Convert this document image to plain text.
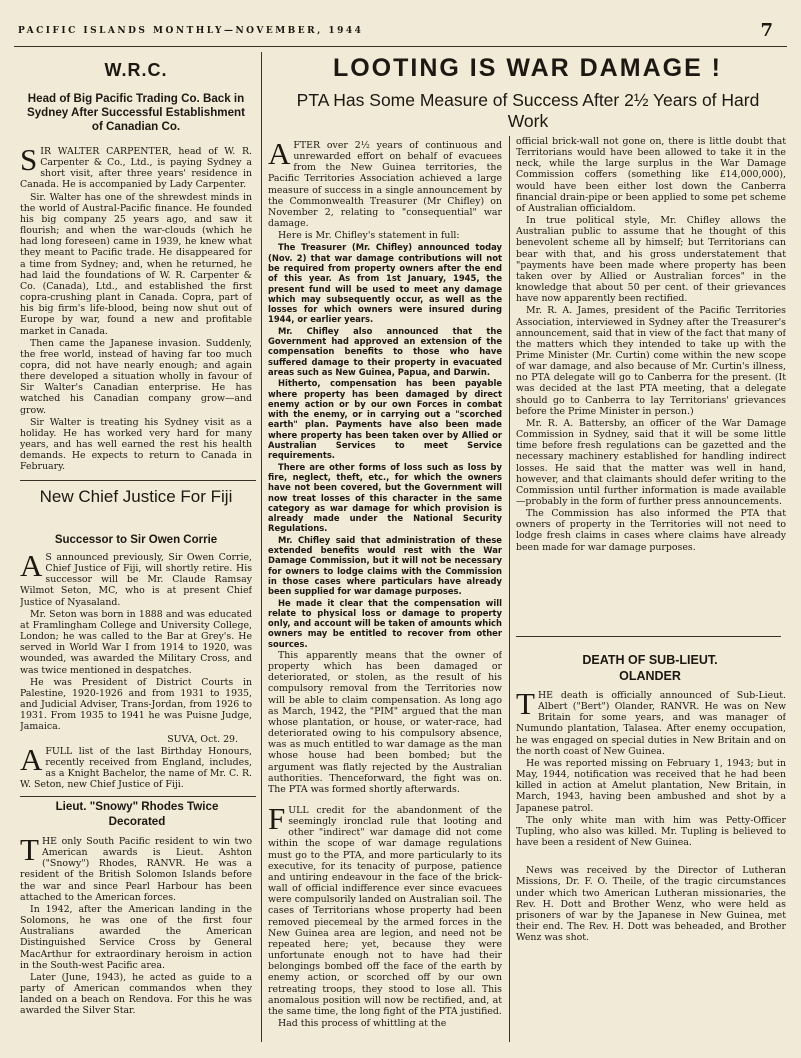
PACIFIC ISLANDS MONTHLY—NOVEMBER, 1944	7
W.R.C.
Head of Big Pacific Trading Co. Back in Sydney After Successful Establishment of Canadian Co.
S IR WALTER CARPENTER, head of W. R. Carpenter & Co., Ltd., is paying Sydney a short visit, after three years' residence in Canada. He is accompanied by Lady Carpenter.

Sir. Walter has one of the shrewdest minds in the world of Austral-Pacific finance. He founded his big company 25 years ago, and saw it flourish; and when the war-clouds (which he had long foreseen) came in 1939, he knew what they meant to Pacific trade. He disappeared for a time from Sydney; and, when he returned, he had laid the foundations of W. R. Carpenter & Co. (Canada), Ltd., and established the first copra-crushing plant in Canada. Copra, part of his big firm's life-blood, being now shut out of Europe by war, found a new and profitable market in Canada.

Then came the Japanese invasion. Suddenly, the free world, instead of having far too much copra, did not have nearly enough; and again there developed a situation wholly in favour of Sir Walter's Canadian enterprise. He has watched his Canadian company grow—and grow.

Sir Walter is treating his Sydney visit as a holiday. He has worked very hard for many years, and has well earned the rest his health demands. He expects to return to Canada in February.

New Chief Justice For Fiji
Successor to Sir Owen Corrie
A S announced previously, Sir Owen Corrie, Chief Justice of Fiji, will shortly retire. His successor will be Mr. Claude Ramsay Wilmot Seton, MC, who is at present Chief Justice of Nyasaland.

Mr. Seton was born in 1888 and was educated at Framlingham College and University College, London; he was called to the Bar at Grey's. He served in World War I from 1914 to 1920, was wounded, was awarded the Military Cross, and was twice mentioned in despatches.

He was President of District Courts in Palestine, 1920-1926 and from 1931 to 1935, and Judicial Adviser, Trans-Jordan, from 1926 to 1931. From 1935 to 1941 he was Puisne Judge, Jamaica.

SUVA, Oct. 29.

A FULL list of the last Birthday Honours, recently received from England, includes, as a Knight Bachelor, the name of Mr. C. R. W. Seton, new Chief Justice of Fiji.

Lieut. "Snowy" Rhodes Twice Decorated
T HE only South Pacific resident to win two American awards is Lieut. Ashton ("Snowy") Rhodes, RANVR. He was a resident of the British Solomon Islands before the war and since Pearl Harbour has been attached to the American forces.

In 1942, after the American landing in the Solomons, he was one of the first four Australians awarded the American Distinguished Service Cross by General MacArthur for extraordinary heroism in action in the South-west Pacific area.

Later (June, 1943), he acted as guide to a party of American commandos when they landed on a beach on Rendova. For this he was awarded the Silver Star.

LOOTING IS WAR DAMAGE !
PTA Has Some Measure of Success After 2½ Years of Hard Work
A FTER over 2½ years of continuous and unrewarded effort on behalf of evacuees from the New Guinea territories, the Pacific Territories Association achieved a large measure of success in a single announcement by the Commonwealth Treasurer (Mr Chifley) on November 2, relating to "consequential" war damage.

Here is Mr. Chifley's statement in full:

The Treasurer (Mr. Chifley) announced today (Nov. 2) that war damage contributions will not be required from property owners after the end of this year. As from 1st January, 1945, the present fund will be used to meet any damage which may subsequently occur, as well as the losses for which owners were insured during 1944, or earlier years.

Mr. Chifley also announced that the Government had approved an extension of the compensation benefits to those who have suffered damage to their property in evacuated areas such as New Guinea, Papua, and Darwin.

Hitherto, compensation has been payable where property has been damaged by direct enemy action or by our own Forces in combat with the enemy, or in carrying out a "scorched earth" plan. Payments have also been made where property has been taken over by Allied or Australian Services to meet Service requirements.

There are other forms of loss such as loss by fire, neglect, theft, etc., for which the owners have not been covered, but the Government will now treat losses of this character in the same category as war damage for which provision is already made under the National Security Regulations.

Mr. Chifley said that administration of these extended benefits would rest with the War Damage Commission, but it will not be necessary for owners to lodge claims with the Commission in those cases where particulars have already been supplied for war damage purposes.

He made it clear that the compensation will relate to physical loss or damage to property only, and account will be taken of amounts which owners may be entitled to recover from other sources.

This apparently means that the owner of property which has been damaged or deteriorated, or stolen, as the result of his compulsory removal from the Territories now will be able to claim compensation. As long ago as March, 1942, the "PIM" argued that the man whose plantation, or house, or water-race, had deteriorated owing to his compulsory absence, was as much entitled to war damage as the man whose house had been bombed; but the argument was flatly rejected by the Australian authorities. Thenceforward, the fight was on. The PTA was formed shortly afterwards.

F ULL credit for the abandonment of the seemingly ironclad rule that looting and other "indirect" war damage did not come within the scope of war damage regulations must go to the PTA, and more particularly to its executive, for its tenacity of purpose, patience and untiring endeavour in the face of the brick-wall of official indifference ever since evacuees were compulsorily landed on Australian soil. The cases of Territorians whose property had been removed piecemeal by the armed forces in the New Guinea area are legion, and need not be repeated here; yet, because they were unfortunate enough not to have had their belongings bombed off the face of the earth by enemy action, or scorched off by our own retreating troops, they stood to lose all. This anomalous position will now be rectified, and, at the same time, the long fight of the PTA justified.

Had this process of whittling at the

official brick-wall not gone on, there is little doubt that Territorians would have been allowed to take it in the neck, while the large surplus in the War Damage Commission coffers (something like £14,000,000), would have been either lost down the Canberra financial drain-pipe or been applied to some pet scheme of Australian officialdom.

In true political style, Mr. Chifley allows the Australian public to assume that he thought of this benevolent scheme all by himself; but Territorians can bear with that, and his gross understatement that "payments have been made where property has been taken over by Allied or Australian forces" in the knowledge that about 50 per cent. of their grievances have now apparently been rectified.

Mr. R. A. James, president of the Pacific Territories Association, interviewed in Sydney after the Treasurer's announcement, said that in view of the fact that many of the matters which they intended to take up with the Prime Minister (Mr. Curtin) come within the new scope of war damage, and also because of Mr. Curtin's illness, no PTA delegate will go to Canberra for the present. (It was decided at the last PTA meeting, that a delegate should go to Canberra to lay Territorians' grievances before the Prime Minister in person.)

Mr. R. A. Battersby, an officer of the War Damage Commission in Sydney, said that it will be some little time before fresh regulations can be gazetted and the necessary machinery established for handling indirect losses. He said that the matter was well in hand, however, and that claimants should defer writing to the Commission until further information is made available—probably in the form of further press announcements.

The Commission has also informed the PTA that owners of property in the Territories will not need to lodge fresh claims in cases where claims have already been made for war damage purposes.

DEATH OF SUB-LIEUT. OLANDER
T HE death is officially announced of Sub-Lieut. Albert ("Bert") Olander, RANVR. He was on New Britain for some years, and was manager of Numundo plantation, Talasea. After enemy occupation, he was engaged on special duties in New Britain and on the north coast of New Guinea.

He was reported missing on February 1, 1943; but in May, 1944, notification was received that he had been killed in action at Amelut plantation, New Britain, in March, 1943, having been ambushed and shot by a Japanese patrol.

The only white man with him was Petty-Officer Tupling, who also was killed. Mr. Tupling is believed to have been a resident of New Guinea.

News was received by the Director of Lutheran Missions, Dr. F. O. Theile, of the tragic circumstances under which two American Lutheran missionaries, the Rev. H. Dott and Brother Wenz, who were held as prisoners of war by the Japanese in New Guinea, met their end. The Rev. H. Dott was beheaded, and Brother Wenz was shot.
